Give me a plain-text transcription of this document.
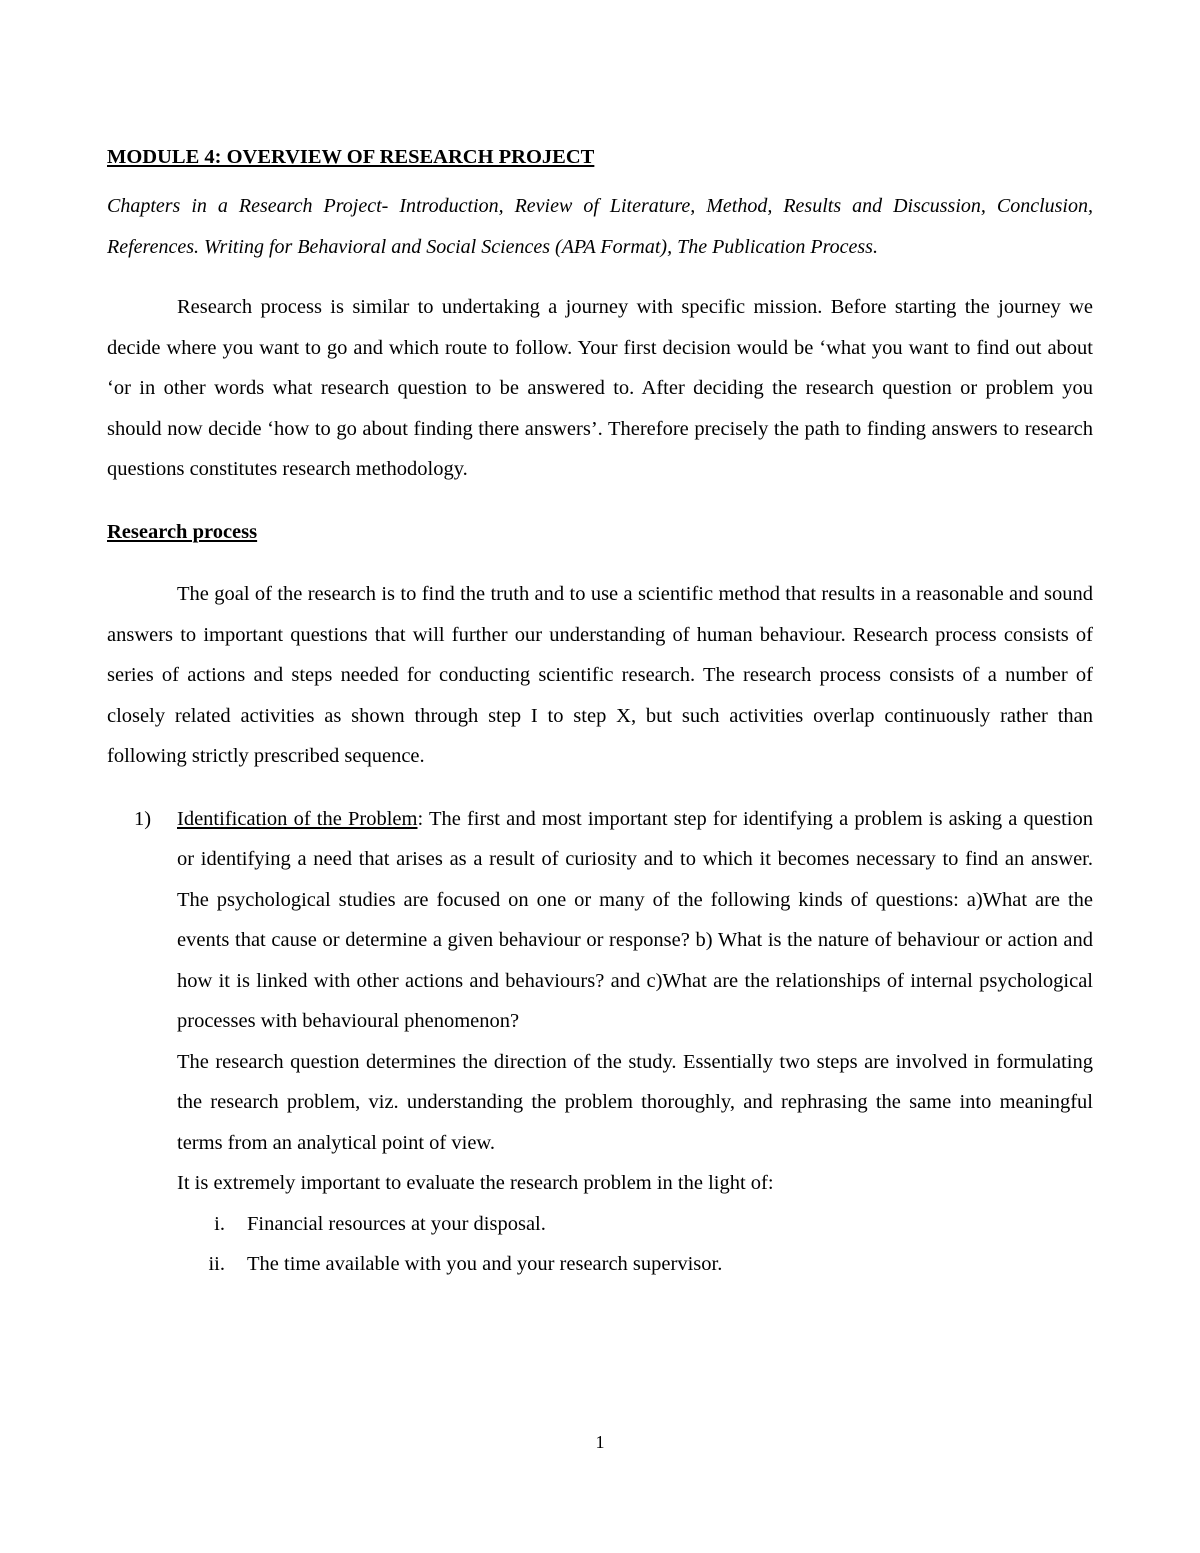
MODULE 4: OVERVIEW OF RESEARCH PROJECT

Chapters in a Research Project- Introduction, Review of Literature, Method, Results and Discussion, Conclusion, References. Writing for Behavioral and Social Sciences (APA Format), The Publication Process.

Research process is similar to undertaking a journey with specific mission. Before starting the journey we decide where you want to go and which route to follow. Your first decision would be ‘what you want to find out about ‘or in other words what research question to be answered to. After deciding the research question or problem you should now decide ‘how to go about finding there answers’. Therefore precisely the path to finding answers to research questions constitutes research methodology.

Research process

The goal of the research is to find the truth and to use a scientific method that results in a reasonable and sound answers to important questions that will further our understanding of human behaviour. Research process consists of series of actions and steps needed for conducting scientific research. The research process consists of a number of closely related activities as shown through step I to step X, but such activities overlap continuously rather than following strictly prescribed sequence.

1) Identification of the Problem: The first and most important step for identifying a problem is asking a question or identifying a need that arises as a result of curiosity and to which it becomes necessary to find an answer. The psychological studies are focused on one or many of the following kinds of questions: a)What are the events that cause or determine a given behaviour or response? b) What is the nature of behaviour or action and how it is linked with other actions and behaviours? and c)What are the relationships of internal psychological processes with behavioural phenomenon?

The research question determines the direction of the study. Essentially two steps are involved in formulating the research problem, viz. understanding the problem thoroughly, and rephrasing the same into meaningful terms from an analytical point of view.

It is extremely important to evaluate the research problem in the light of:

i. Financial resources at your disposal.
ii. The time available with you and your research supervisor.
1
